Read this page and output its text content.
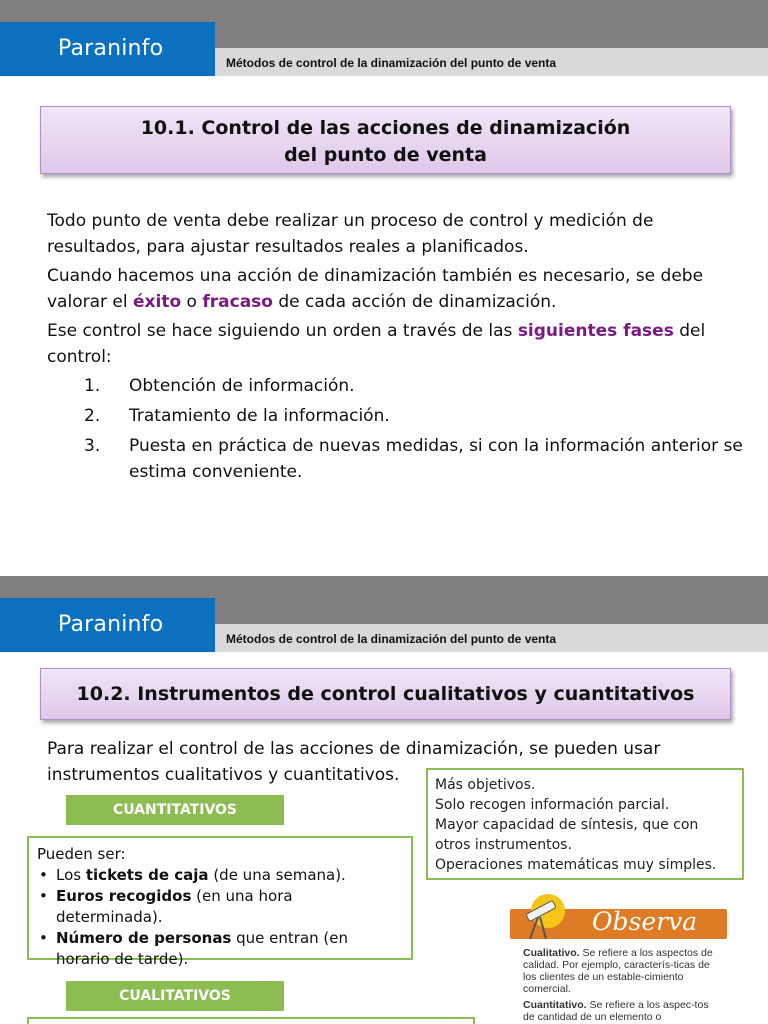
Métodos de control de la dinamización del punto de venta
Paraninfo
10.1. Control de las acciones de dinamización
del punto de venta

Todo punto de venta debe realizar un proceso de control y medición de resultados, para ajustar resultados reales a planificados.

Cuando hacemos una acción de dinamización también es necesario, se debe valorar el éxito o fracaso de cada acción de dinamización.

Ese control se hace siguiendo un orden a través de las siguientes fases del control:

1. Obtención de información.
2. Tratamiento de la información.
3. Puesta en práctica de nuevas medidas, si con la información anterior se estima conveniente.
Métodos de control de la dinamización del punto de venta
Paraninfo
10.2. Instrumentos de control cualitativos y cuantitativos
Para realizar el control de las acciones de dinamización, se pueden usar instrumentos cualitativos y cuantitativos.	Más objetivos.
Solo recogen información parcial.
Mayor capacidad de síntesis, que con otros instrumentos.
Operaciones matemáticas muy simples.
CUANTITATIVOS
Pueden ser:
• Los tickets de caja (de una semana).
• Euros recogidos (en una hora determinada).
• Número de personas que entran (en horario de tarde).
Observa

Cualitativo. Se refiere a los aspectos de calidad. Por ejemplo, caracterís-ticas de los clientes de un estable-cimiento comercial.

Cuantitativo. Se refiere a los aspec-tos de cantidad de un elemento o

CUALITATIVOS
